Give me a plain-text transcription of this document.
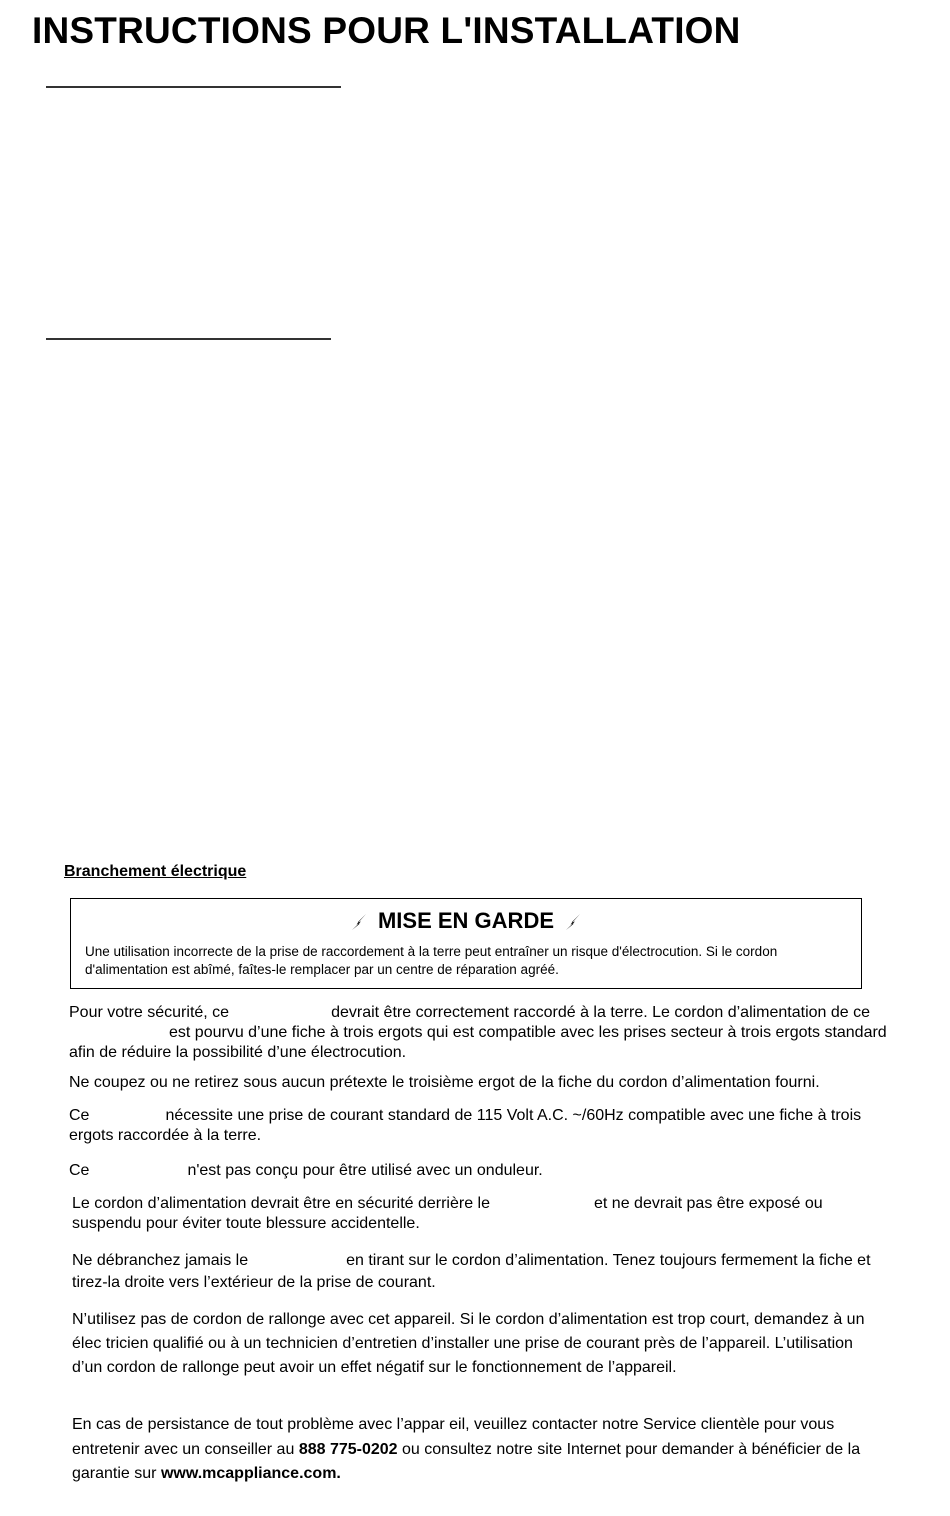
INSTRUCTIONS POUR L'INSTALLATION
Branchement électrique
MISE EN GARDE

Une utilisation incorrecte de la prise de raccordement à la terre peut entraîner un risque d'électrocution. Si le cordon d'alimentation est abîmé, faîtes-le remplacer par un centre de réparation agréé.

Pour votre sécurité, ce	devrait être correctement raccordé à la terre. Le cordon d’alimentation de ceest pourvu d’une fiche à trois ergots qui est compatible avec les prises secteur à trois ergots standard afin de réduire la possibilité d’une électrocution.

Ne coupez ou ne retirez sous aucun prétexte le troisième ergot de la fiche du cordon d’alimentation fourni.

Ce	nécessite une prise de courant standard de 115 Volt A.C. ~/60Hz compatible avec une fiche à trois ergots raccordée à la terre.

Ce	n'est pas conçu pour être utilisé avec un onduleur.

Le cordon d’alimentation devrait être en sécurité derrière le	et ne devrait pas être exposé ou suspendu pour éviter toute blessure accidentelle.

Ne débranchez jamais le	en tirant sur le cordon d’alimentation. Tenez toujours fermement la fiche et tirez-la droite vers l’extérieur de la prise de courant.

N’utilisez pas de cordon de rallonge avec cet appareil. Si le cordon d’alimentation est trop court, demandez à un élec tricien qualifié ou à un technicien d’entretien d’installer une prise de courant près de l’appareil. L’utilisation d’un cordon de rallonge peut avoir un effet négatif sur le fonctionnement de l’appareil.

En cas de persistance de tout problème avec l’appar eil, veuillez contacter notre Service clientèle pour vous entretenir avec un conseiller au 888 775-0202 ou consultez notre site Internet pour demander à bénéficier de la garantie sur www.mcappliance.com.
